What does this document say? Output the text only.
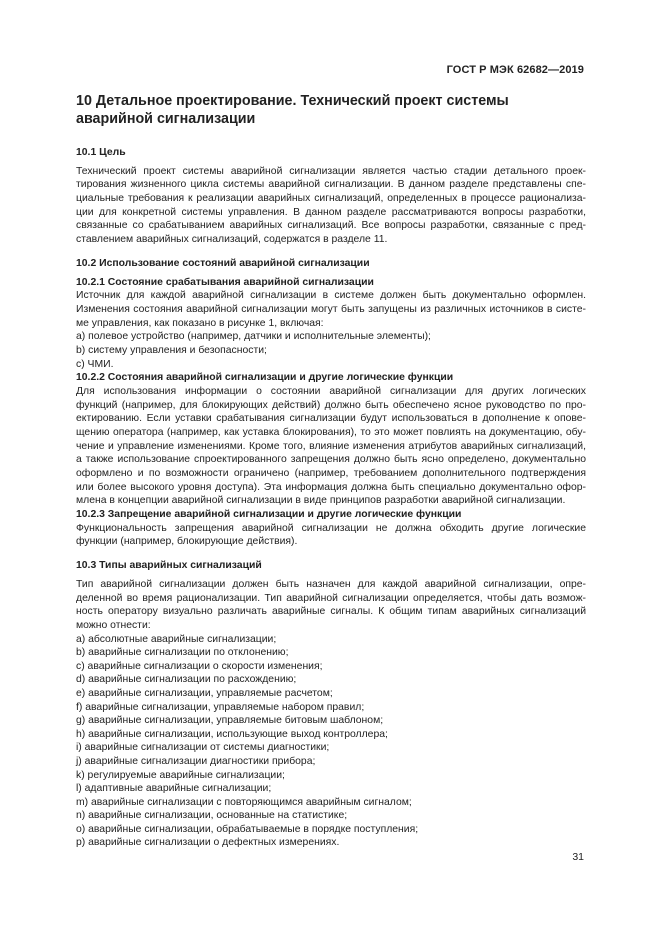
ГОСТ Р МЭК 62682—2019
10 Детальное проектирование. Технический проект системы аварийной сигнализации
10.1 Цель
Технический проект системы аварийной сигнализации является частью стадии детального проек-
тирования жизненного цикла системы аварийной сигнализации. В данном разделе представлены спе-
циальные требования к реализации аварийных сигнализаций, определенных в процессе рационализа-
ции для конкретной системы управления. В данном разделе рассматриваются вопросы разработки,
связанные со срабатыванием аварийных сигнализаций. Все вопросы разработки, связанные с пред-
ставлением аварийных сигнализаций, содержатся в разделе 11.
10.2 Использование состояний аварийной сигнализации
10.2.1 Состояние срабатывания аварийной сигнализации
Источник для каждой аварийной сигнализации в системе должен быть документально оформлен.
Изменения состояния аварийной сигнализации могут быть запущены из различных источников в систе-
ме управления, как показано в рисунке 1, включая:
а) полевое устройство (например, датчики и исполнительные элементы);
b) систему управления и безопасности;
с) ЧМИ.
10.2.2 Состояния аварийной сигнализации и другие логические функции
Для использования информации о состоянии аварийной сигнализации для других логических
функций (например, для блокирующих действий) должно быть обеспечено ясное руководство по про-
ектированию. Если уставки срабатывания сигнализации будут использоваться в дополнение к опове-
щению оператора (например, как уставка блокирования), то это может повлиять на документацию, обу-
чение и управление изменениями. Кроме того, влияние изменения атрибутов аварийных сигнализаций,
а также использование спроектированного запрещения должно быть ясно определено, документально
оформлено и по возможности ограничено (например, требованием дополнительного подтверждения
или более высокого уровня доступа). Эта информация должна быть специально документально офор-
млена в концепции аварийной сигнализации в виде принципов разработки аварийной сигнализации.
10.2.3 Запрещение аварийной сигнализации и другие логические функции
Функциональность запрещения аварийной сигнализации не должна обходить другие логические
функции (например, блокирующие действия).
10.3 Типы аварийных сигнализаций
Тип аварийной сигнализации должен быть назначен для каждой аварийной сигнализации, опре-
деленной во время рационализации. Тип аварийной сигнализации определяется, чтобы дать возмож-
ность оператору визуально различать аварийные сигналы. К общим типам аварийных сигнализаций
можно отнести:
а) абсолютные аварийные сигнализации;
b) аварийные сигнализации по отклонению;
с) аварийные сигнализации о скорости изменения;
d) аварийные сигнализации по расхождению;
е) аварийные сигнализации, управляемые расчетом;
f) аварийные сигнализации, управляемые набором правил;
g) аварийные сигнализации, управляемые битовым шаблоном;
h) аварийные сигнализации, использующие выход контроллера;
i) аварийные сигнализации от системы диагностики;
j) аварийные сигнализации диагностики прибора;
k) регулируемые аварийные сигнализации;
l) адаптивные аварийные сигнализации;
m) аварийные сигнализации с повторяющимся аварийным сигналом;
n) аварийные сигнализации, основанные на статистике;
о) аварийные сигнализации, обрабатываемые в порядке поступления;
р) аварийные сигнализации о дефектных измерениях.
31
